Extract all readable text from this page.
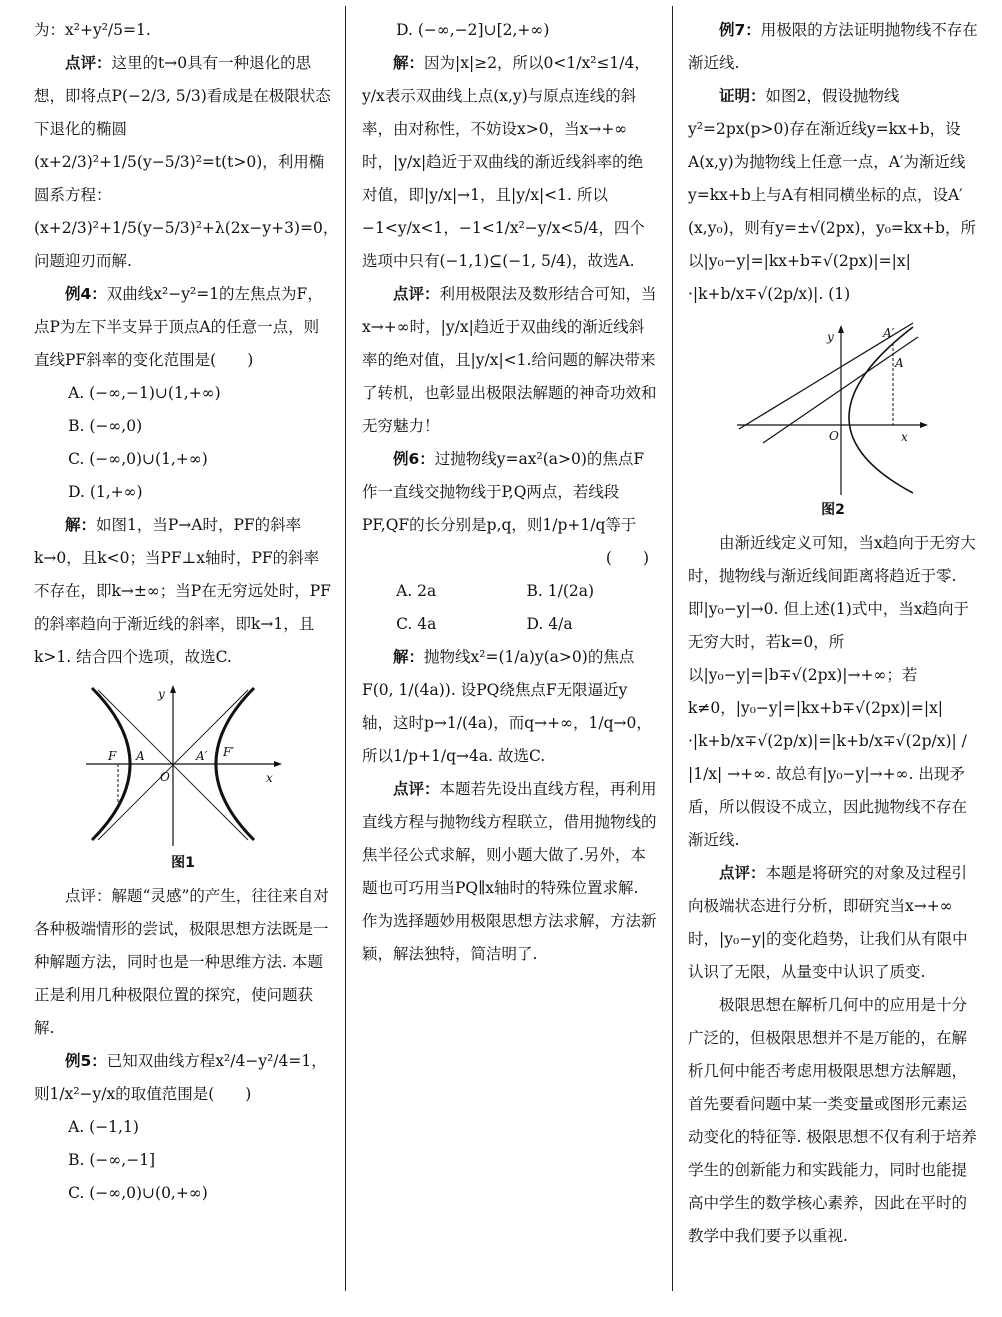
为：x²+y²/5=1.

点评：这里的t→0具有一种退化的思想，即将点P(−2/3, 5/3)看成是在极限状态下退化的椭圆(x+2/3)²+1/5(y−5/3)²=t(t>0)，利用椭圆系方程：(x+2/3)²+1/5(y−5/3)²+λ(2x−y+3)=0，问题迎刃而解.

例4：双曲线x²−y²=1的左焦点为F，点P为左下半支异于顶点A的任意一点，则直线PF斜率的变化范围是(　　)

A. (−∞,−1)∪(1,+∞)

B. (−∞,0)

C. (−∞,0)∪(1,+∞)

D. (1,+∞)

解：如图1，当P→A时，PF的斜率k→0，且k<0；当PF⊥x轴时，PF的斜率不存在，即k→±∞；当P在无穷远处时，PF的斜率趋向于渐近线的斜率，即k→1，且k>1. 结合四个选项，故选C.

y
x
F A
O
A′ F′

图1

点评：解题“灵感”的产生，往往来自对各种极端情形的尝试，极限思想方法既是一种解题方法，同时也是一种思维方法. 本题正是利用几种极限位置的探究，使问题获解.

例5：已知双曲线方程x²/4−y²/4=1，则1/x²−y/x的取值范围是(　　)

A. (−1,1)

B. (−∞,−1]

C. (−∞,0)∪(0,+∞)

D. (−∞,−2]∪[2,+∞)

解：因为|x|≥2，所以0<1/x²≤1/4，y/x表示双曲线上点(x,y)与原点连线的斜率，由对称性，不妨设x>0，当x→+∞时，|y/x|趋近于双曲线的渐近线斜率的绝对值，即|y/x|→1，且|y/x|<1. 所以−1<y/x<1，−1<1/x²−y/x<5/4，四个选项中只有(−1,1)⊆(−1, 5/4)，故选A.

点评：利用极限法及数形结合可知，当x→+∞时，|y/x|趋近于双曲线的渐近线斜率的绝对值，且|y/x|<1.给问题的解决带来了转机，也彰显出极限法解题的神奇功效和无穷魅力！

例6：过抛物线y=ax²(a>0)的焦点F作一直线交抛物线于P,Q两点，若线段PF,QF的长分别是p,q，则1/p+1/q等于

(　　)

A. 2a	B. 1/(2a)

C. 4a	D. 4/a

解：抛物线x²=(1/a)y(a>0)的焦点F(0, 1/(4a)). 设PQ绕焦点F无限逼近y轴，这时p→1/(4a)，而q→+∞，1/q→0，所以1/p+1/q→4a. 故选C.

点评：本题若先设出直线方程，再利用直线方程与抛物线方程联立，借用抛物线的焦半径公式求解，则小题大做了.另外，本题也可巧用当PQ∥x轴时的特殊位置求解. 作为选择题妙用极限思想方法求解，方法新颖，解法独特，简洁明了.

例7：用极限的方法证明抛物线不存在渐近线.

证明：如图2，假设抛物线y²=2px(p>0)存在渐近线y=kx+b，设A(x,y)为抛物线上任意一点，A′为渐近线y=kx+b上与A有相同横坐标的点，设A′(x,y₀)，则有y=±√(2px)，y₀=kx+b，所以|y₀−y|=|kx+b∓√(2px)|=|x|·|k+b/x∓√(2p/x)|. (1)

y
x
O
A′
A

图2

由渐近线定义可知，当x趋向于无穷大时，抛物线与渐近线间距离将趋近于零. 即|y₀−y|→0. 但上述(1)式中，当x趋向于无穷大时，若k=0，所以|y₀−y|=|b∓√(2px)|→+∞；若k≠0，|y₀−y|=|kx+b∓√(2px)|=|x|·|k+b/x∓√(2p/x)|=|k+b/x∓√(2p/x)| / |1/x| →+∞. 故总有|y₀−y|→+∞. 出现矛盾，所以假设不成立，因此抛物线不存在渐近线.

点评：本题是将研究的对象及过程引向极端状态进行分析，即研究当x→+∞时，|y₀−y|的变化趋势，让我们从有限中认识了无限，从量变中认识了质变.

极限思想在解析几何中的应用是十分广泛的，但极限思想并不是万能的，在解析几何中能否考虑用极限思想方法解题，首先要看问题中某一类变量或图形元素运动变化的特征等. 极限思想不仅有利于培养学生的创新能力和实践能力，同时也能提高中学生的数学核心素养，因此在平时的教学中我们要予以重视.
